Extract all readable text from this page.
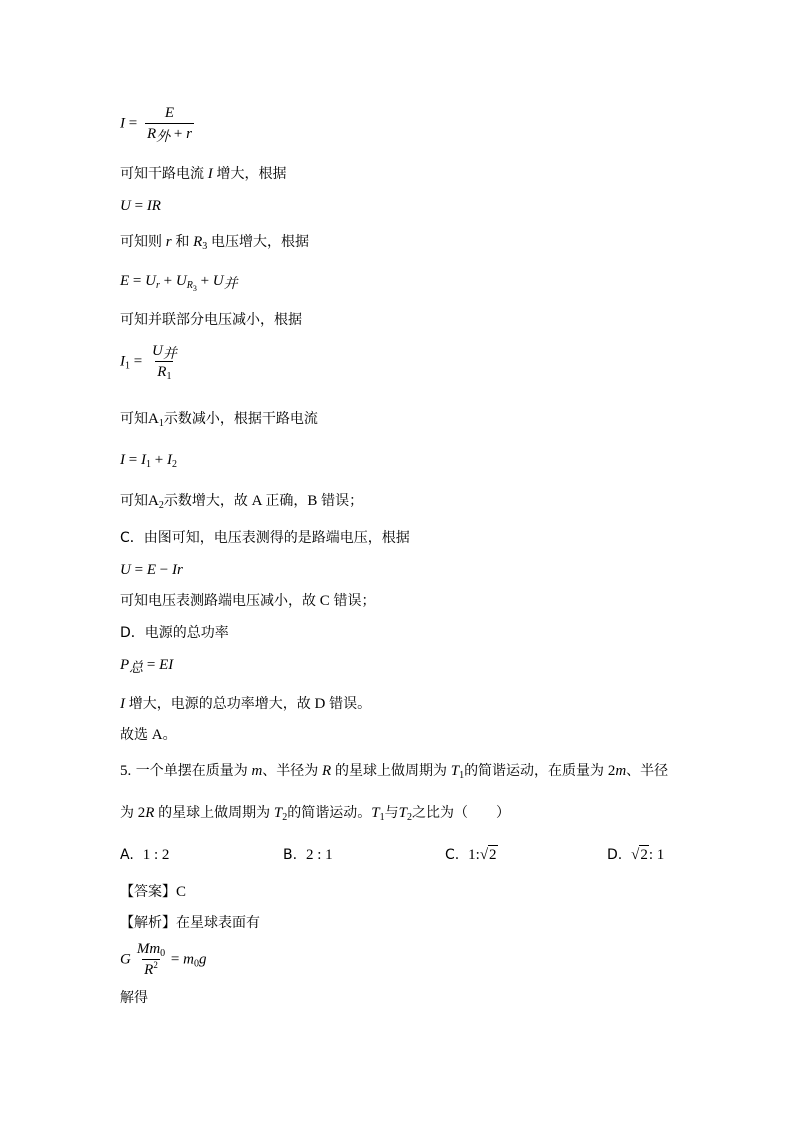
$I = \frac{E}{R_外 + r}$
可知干路电流 I 增大，根据
U = IR
可知则 r 和 $R_3$ 电压增大，根据
$E = U_r + U_{R_3} + U_并$
可知并联部分电压减小，根据
$I_1 = \frac{U_并}{R_1}$
可知$A_1$示数减小，根据干路电流
$I = I_1 + I_2$
可知$A_2$示数增大，故 A 正确，B 错误；
C．由图可知，电压表测得的是路端电压，根据
U = E − Ir
可知电压表测路端电压减小，故 C 错误；
D．电源的总功率
$P_总$ = EI
I 增大，电源的总功率增大，故 D 错误。
故选 A。
5. 一个单摆在质量为 m、半径为 R 的星球上做周期为 $T_1$的简谐运动，在质量为 2m、半径
为 2R 的星球上做周期为 $T_2$的简谐运动。$T_1$与$T_2$之比为（　　）
A. 1 : 2	B. 2 : 1	C. 1:√2	D. √2: 1
【答案】C
【解析】在星球表面有
G $\frac{Mm_0}{R^2} = m_0g$
解得
